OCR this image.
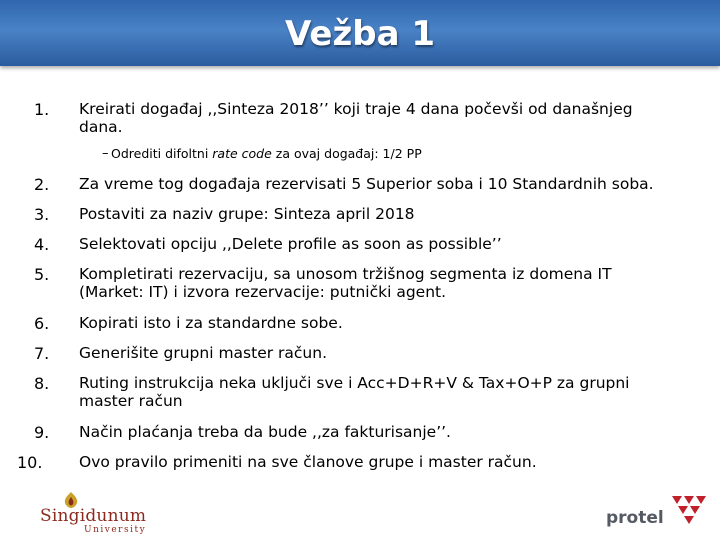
Vežba 1
1. Kreirati događaj ,,Sinteza 2018’’ koji traje 4 dana počevši od današnjeg dana.
– Odrediti difoltni rate code za ovaj događaj: 1/2 PP
2. Za vreme tog događaja rezervisati 5 Superior soba i 10 Standardnih soba.
3. Postaviti za naziv grupe: Sinteza april 2018
4. Selektovati opciju ,,Delete profile as soon as possible’’
5. Kompletirati rezervaciju, sa unosom tržišnog segmenta iz domena IT (Market: IT) i izvora rezervacije: putnički agent.
6. Kopirati isto i za standardne sobe.
7. Generišite grupni master račun.
8. Ruting instrukcija neka uključi sve i Acc+D+R+V & Tax+O+P za grupni master račun
9. Način plaćanja treba da bude ,,za fakturisanje’’.
10. Ovo pravilo primeniti na sve članove grupe i master račun.
Singidunum
University
protel
